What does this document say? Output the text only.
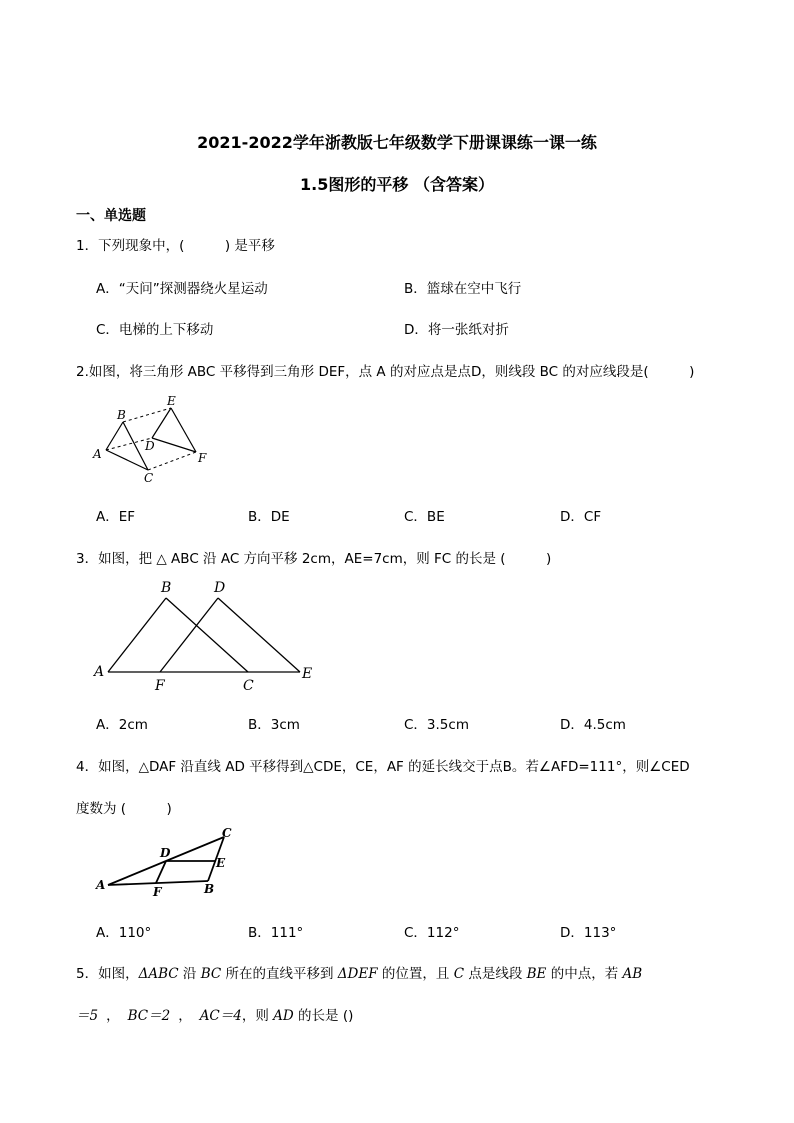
2021-2022学年浙教版七年级数学下册课课练一课一练
1.5图形的平移 （含答案）
一、单选题
1．下列现象中，(　　　) 是平移
A．“天问”探测器绕火星运动	B．篮球在空中飞行
C．电梯的上下移动	D．将一张纸对折
2.如图，将三角形 ABC 平移得到三角形 DEF，点 A 的对应点是点D，则线段 BC 的对应线段是(　　　)
B
E
A
D
F
C
A．EF	B．DE	C．BE	D．CF
3．如图，把 △ ABC 沿 AC 方向平移 2cm，AE=7cm，则 FC 的长是 (　　　)
B	D
A
F	C
E
A．2cm	B．3cm	C．3.5cm	D．4.5cm
4．如图，△DAF 沿直线 AD 平移得到△CDE，CE，AF 的延长线交于点B。若∠AFD=111°，则∠CED
度数为 (　　　)
C
D
E
A	F	B
A．110°	B．111°	C．112°	D．113°
5．如图，ΔABC 沿 BC 所在的直线平移到 ΔDEF 的位置，且 C 点是线段 BE 的中点，若 AB
＝5 ， BC＝2 ， AC＝4，则 AD 的长是 ()
